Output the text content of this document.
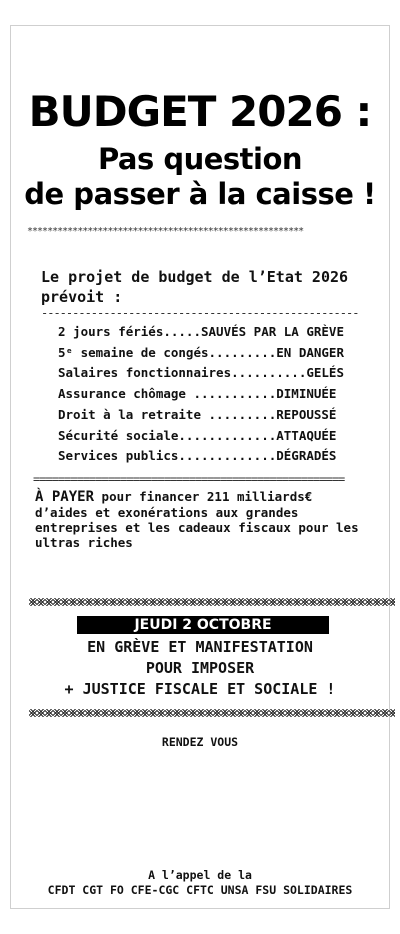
BUDGET 2026 :
Pas question
de passer à la caisse !
*******************************************************
Le projet de budget de l’Etat 2026 prévoit :
---------------------------------------------------
2 jours fériés.....SAUVÉS PAR LA GRÈVE
5ᵉ semaine de congés.........EN DANGER
Salaires fonctionnaires..........GELÉS
Assurance chômage ...........DIMINUÉE
Droit à la retraite .........REPOUSSÉ
Sécurité sociale.............ATTAQUÉE
Services publics.............DÉGRADÉS
==================================================
À PAYER pour financer 211 milliards€ d’aides et exonérations aux grandes entreprises et les cadeaux fiscaux pour les ultras riches
JEUDI 2 OCTOBRE
EN GRÈVE ET MANIFESTATION
POUR IMPOSER
+ JUSTICE FISCALE ET SOCIALE !
RENDEZ VOUS
A l’appel de la
CFDT CGT FO CFE-CGC CFTC UNSA FSU SOLIDAIRES
